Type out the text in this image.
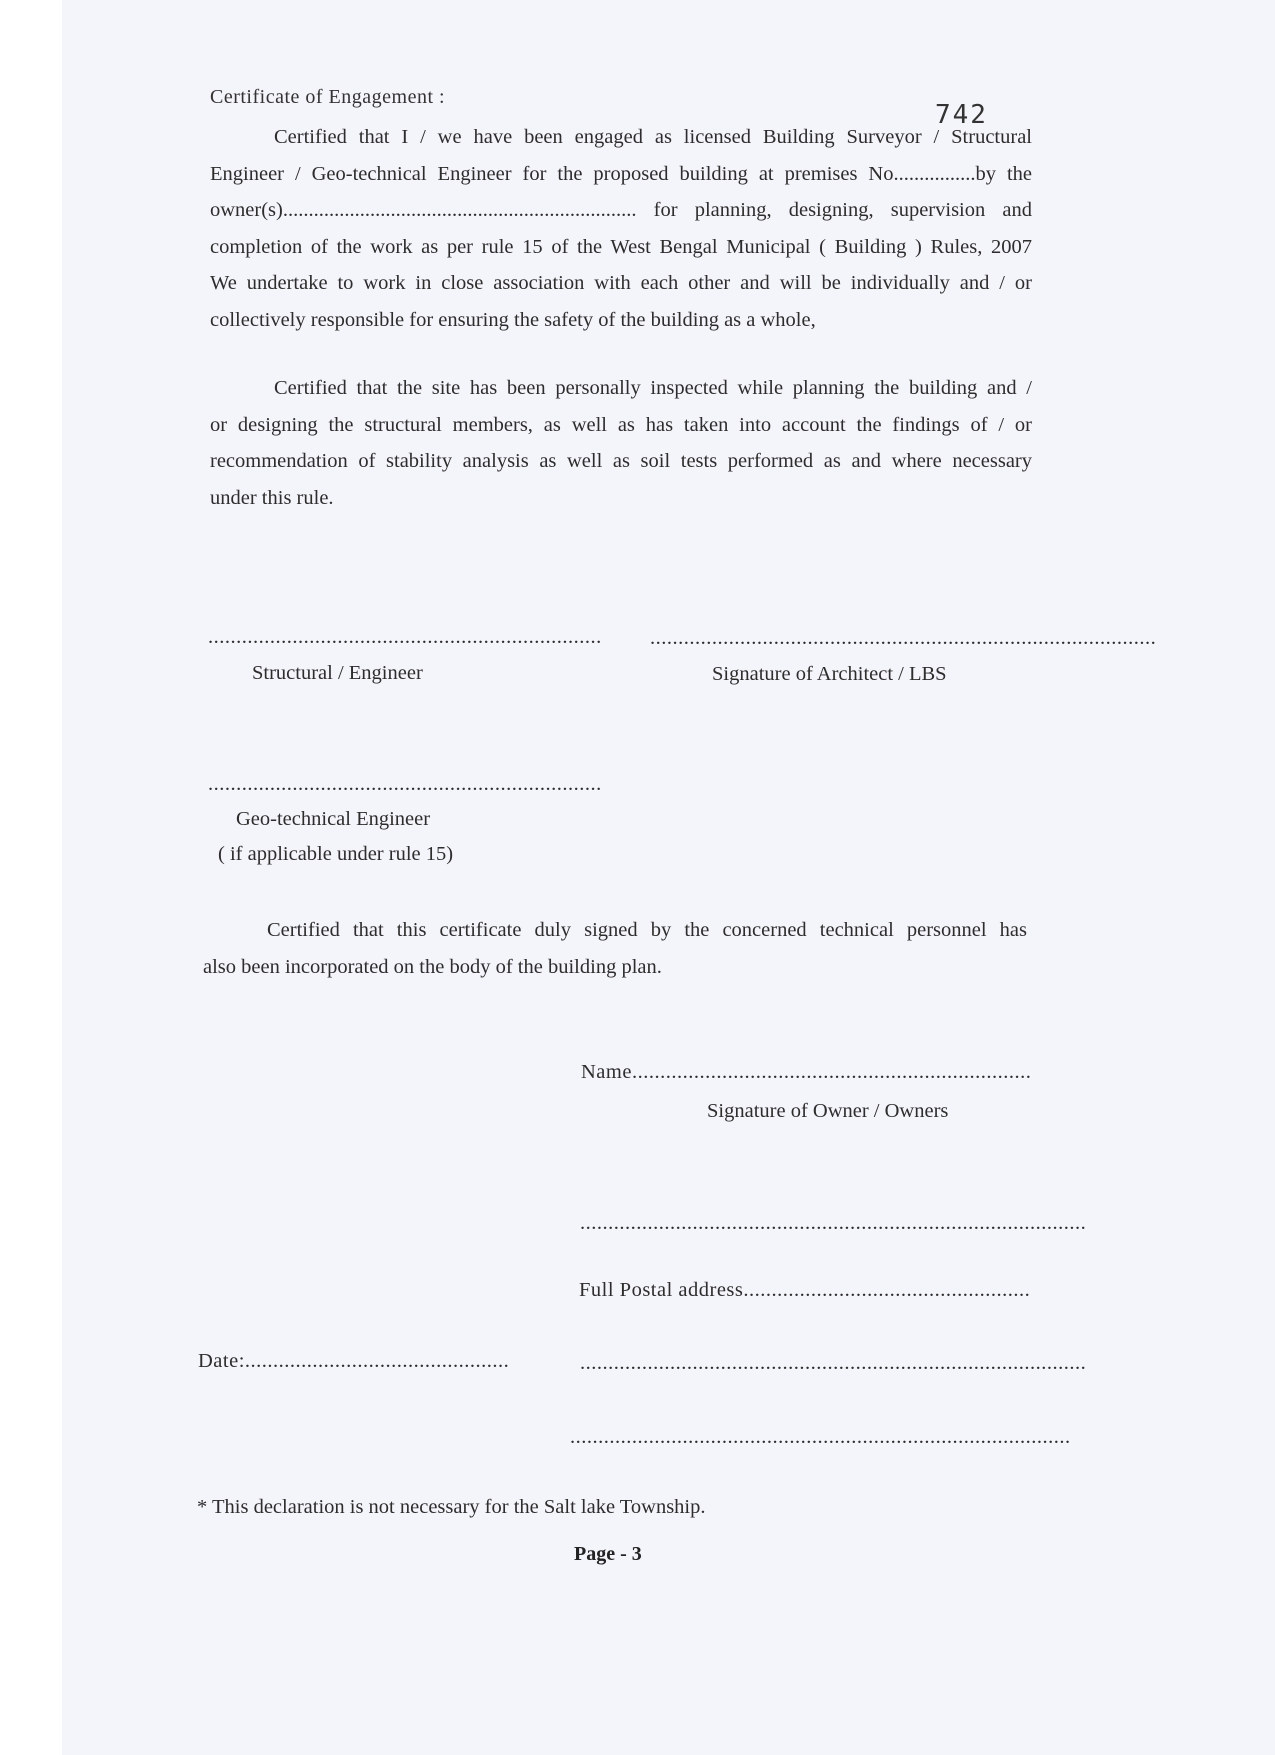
Certificate of Engagement :
742
Certified that I / we have been engaged as licensed Building Surveyor / Structural
Engineer / Geo-technical Engineer for the proposed building at premises No................by the
owner(s)..................................................................... for planning, designing, supervision and
completion of the work as per rule 15 of the West Bengal Municipal ( Building ) Rules, 2007
We undertake to work in close association with each other and will be individually and / or
collectively responsible for ensuring the safety of the building as a whole,
Certified that the site has been personally inspected while planning the building and /
or designing the structural members, as well as has taken into account the findings of / or
recommendation of stability analysis as well as soil tests performed as and where necessary
under this rule.
......................................................................
Structural / Engineer
..........................................................................................
Signature of Architect / LBS
......................................................................
Geo-technical Engineer
( if applicable under rule 15)
Certified that this certificate duly signed by the concerned technical personnel has
also been incorporated on the body of the building plan.
Name.......................................................................
Signature of Owner / Owners
..........................................................................................
Full Postal address...................................................
Date:...............................................	..........................................................................................
.........................................................................................
* This declaration is not necessary for the Salt lake Township.
Page - 3
